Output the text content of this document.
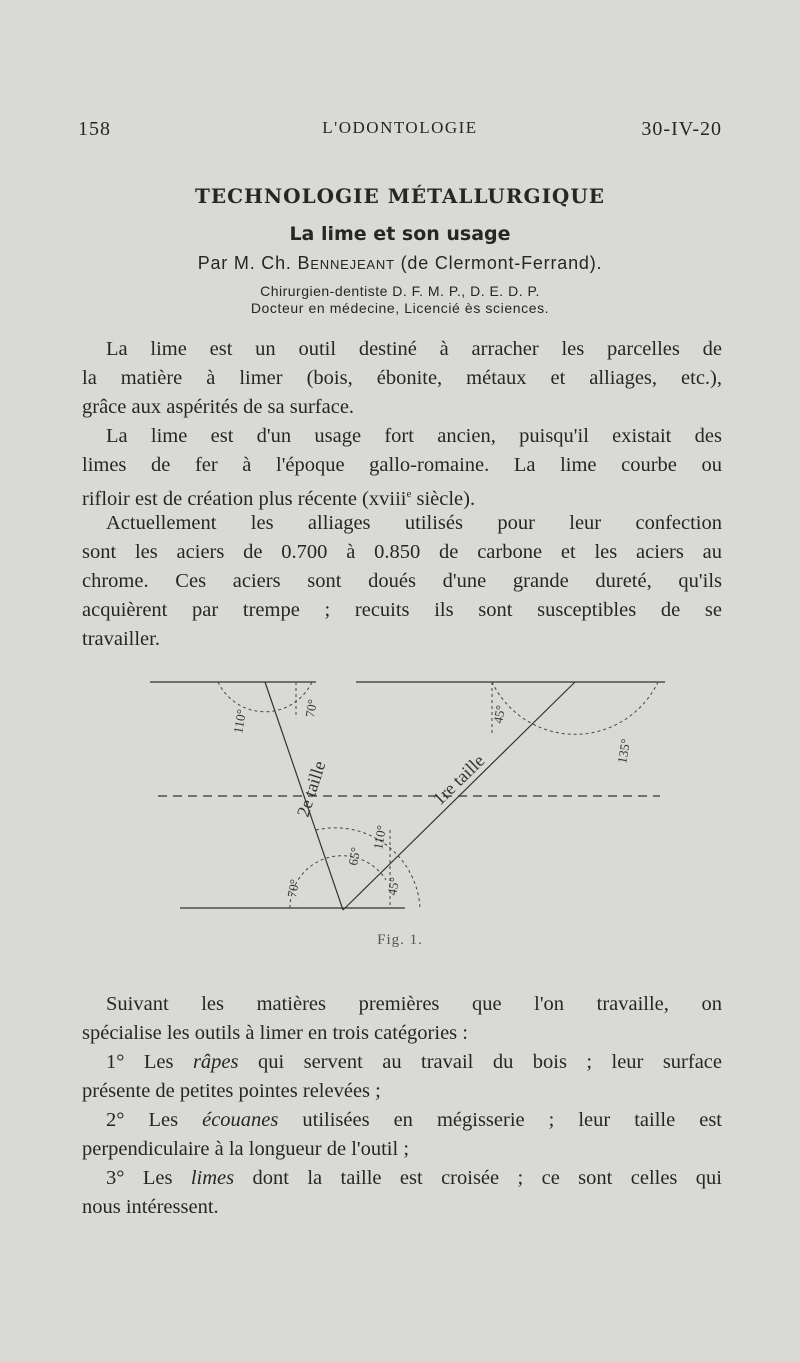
158	L'ODONTOLOGIE	30-IV-20
TECHNOLOGIE MÉTALLURGIQUE
La lime et son usage
Par M. Ch. Bennejeant (de Clermont-Ferrand).
Chirurgien-dentiste D. F. M. P., D. E. D. P.
Docteur en médecine, Licencié ès sciences.
La lime est un outil destiné à arracher les parcelles de
la matière à limer (bois, ébonite, métaux et alliages, etc.),
grâce aux aspérités de sa surface.
La lime est d'un usage fort ancien, puisqu'il existait des
limes de fer à l'époque gallo-romaine. La lime courbe ou
rifloir est de création plus récente (xviii$^e$ siècle).
Actuellement les alliages utilisés pour leur confection
sont les aciers de 0.700 à 0.850 de carbone et les aciers au
chrome. Ces aciers sont doués d'une grande dureté, qu'ils
acquièrent par trempe ; recuits ils sont susceptibles de se
travailler.
110°	70°	45°
135°
2e taille	1re taille
65°
110°
70°	45°
Fig. 1.
Suivant les matières premières que l'on travaille, on
spécialise les outils à limer en trois catégories :
1° Les râpes qui servent au travail du bois ; leur surface
présente de petites pointes relevées ;
2° Les écouanes utilisées en mégisserie ; leur taille est
perpendiculaire à la longueur de l'outil ;
3° Les limes dont la taille est croisée ; ce sont celles qui
nous intéressent.
